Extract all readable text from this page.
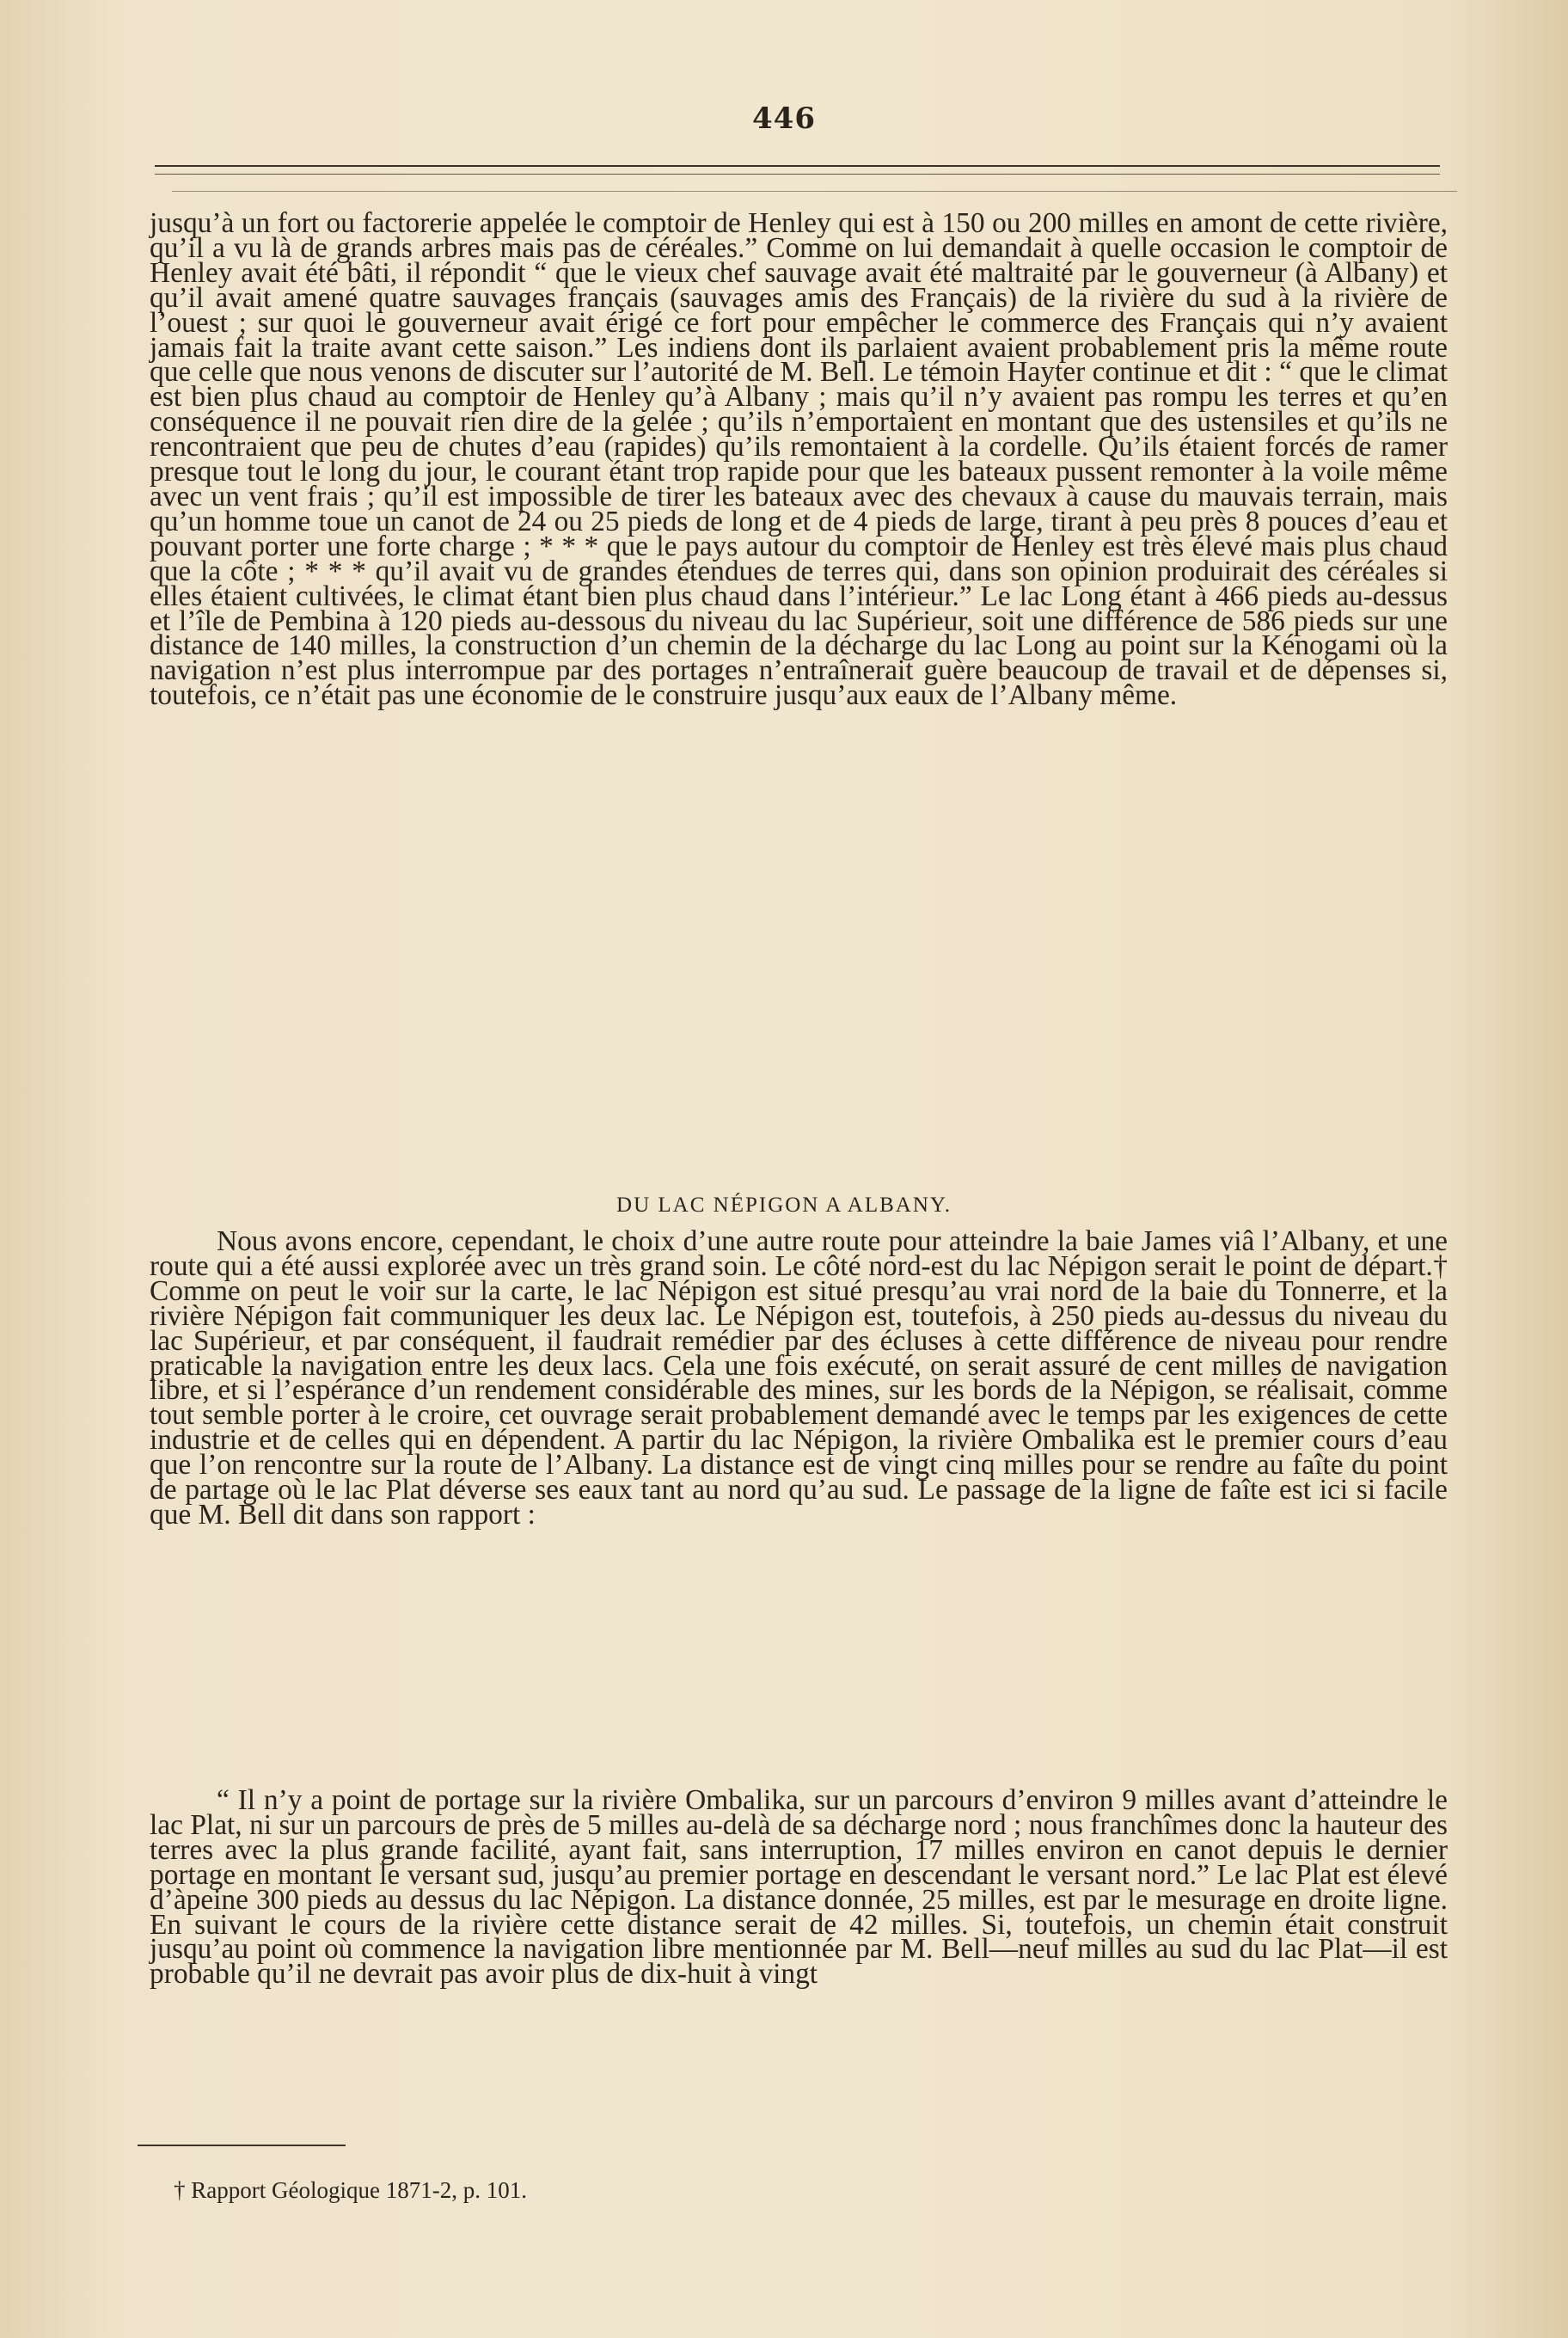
446

jusqu’à un fort ou factorerie appelée le comptoir de Henley qui est à 150 ou 200 milles en amont de cette rivière, qu’il a vu là de grands arbres mais pas de céréales.” Comme on lui demandait à quelle occasion le comptoir de Henley avait été bâti, il répondit “ que le vieux chef sauvage avait été maltraité par le gouverneur (à Albany) et qu’il avait amené quatre sauvages français (sauvages amis des Français) de la rivière du sud à la rivière de l’ouest ; sur quoi le gouverneur avait érigé ce fort pour empêcher le commerce des Français qui n’y avaient jamais fait la traite avant cette saison.” Les indiens dont ils parlaient avaient probablement pris la même route que celle que nous venons de discuter sur l’autorité de M. Bell. Le témoin Hayter continue et dit : “ que le climat est bien plus chaud au comptoir de Henley qu’à Albany ; mais qu’il n’y avaient pas rompu les terres et qu’en conséquence il ne pouvait rien dire de la gelée ; qu’ils n’emportaient en montant que des ustensiles et qu’ils ne rencontraient que peu de chutes d’eau (rapides) qu’ils remontaient à la cordelle. Qu’ils étaient forcés de ramer presque tout le long du jour, le courant étant trop rapide pour que les bateaux pussent remonter à la voile même avec un vent frais ; qu’il est impossible de tirer les bateaux avec des chevaux à cause du mauvais terrain, mais qu’un homme toue un canot de 24 ou 25 pieds de long et de 4 pieds de large, tirant à peu près 8 pouces d’eau et pouvant porter une forte charge ; * * * que le pays autour du comptoir de Henley est très élevé mais plus chaud que la côte ; * * * qu’il avait vu de grandes étendues de terres qui, dans son opinion produirait des céréales si elles étaient cultivées, le climat étant bien plus chaud dans l’intérieur.” Le lac Long étant à 466 pieds au-dessus et l’île de Pembina à 120 pieds au-dessous du niveau du lac Supérieur, soit une différence de 586 pieds sur une distance de 140 milles, la construction d’un chemin de la décharge du lac Long au point sur la Kénogami où la navigation n’est plus interrompue par des portages n’entraînerait guère beaucoup de travail et de dépenses si, toutefois, ce n’était pas une économie de le construire jusqu’aux eaux de l’Albany même.

DU LAC NÉPIGON A ALBANY.

Nous avons encore, cependant, le choix d’une autre route pour atteindre la baie James viâ l’Albany, et une route qui a été aussi explorée avec un très grand soin. Le côté nord-est du lac Népigon serait le point de départ.† Comme on peut le voir sur la carte, le lac Népigon est situé presqu’au vrai nord de la baie du Tonnerre, et la rivière Népigon fait communiquer les deux lac. Le Népigon est, toutefois, à 250 pieds au-dessus du niveau du lac Supérieur, et par conséquent, il faudrait remédier par des écluses à cette différence de niveau pour rendre praticable la navigation entre les deux lacs. Cela une fois exécuté, on serait assuré de cent milles de navigation libre, et si l’espérance d’un rendement considérable des mines, sur les bords de la Népigon, se réalisait, comme tout semble porter à le croire, cet ouvrage serait probablement demandé avec le temps par les exigences de cette industrie et de celles qui en dépendent. A partir du lac Népigon, la rivière Ombalika est le premier cours d’eau que l’on rencontre sur la route de l’Albany. La distance est de vingt cinq milles pour se rendre au faîte du point de partage où le lac Plat déverse ses eaux tant au nord qu’au sud. Le passage de la ligne de faîte est ici si facile que M. Bell dit dans son rapport :

“ Il n’y a point de portage sur la rivière Ombalika, sur un parcours d’environ 9 milles avant d’atteindre le lac Plat, ni sur un parcours de près de 5 milles au-delà de sa décharge nord ; nous franchîmes donc la hauteur des terres avec la plus grande facilité, ayant fait, sans interruption, 17 milles environ en canot depuis le dernier portage en montant le versant sud, jusqu’au premier portage en descendant le versant nord.” Le lac Plat est élevé d’àpeine 300 pieds au dessus du lac Népigon. La distance donnée, 25 milles, est par le mesurage en droite ligne. En suivant le cours de la rivière cette distance serait de 42 milles. Si, toutefois, un chemin était construit jusqu’au point où commence la navigation libre mentionnée par M. Bell—neuf milles au sud du lac Plat—il est probable qu’il ne devrait pas avoir plus de dix-huit à vingt

† Rapport Géologique 1871-2, p. 101.
